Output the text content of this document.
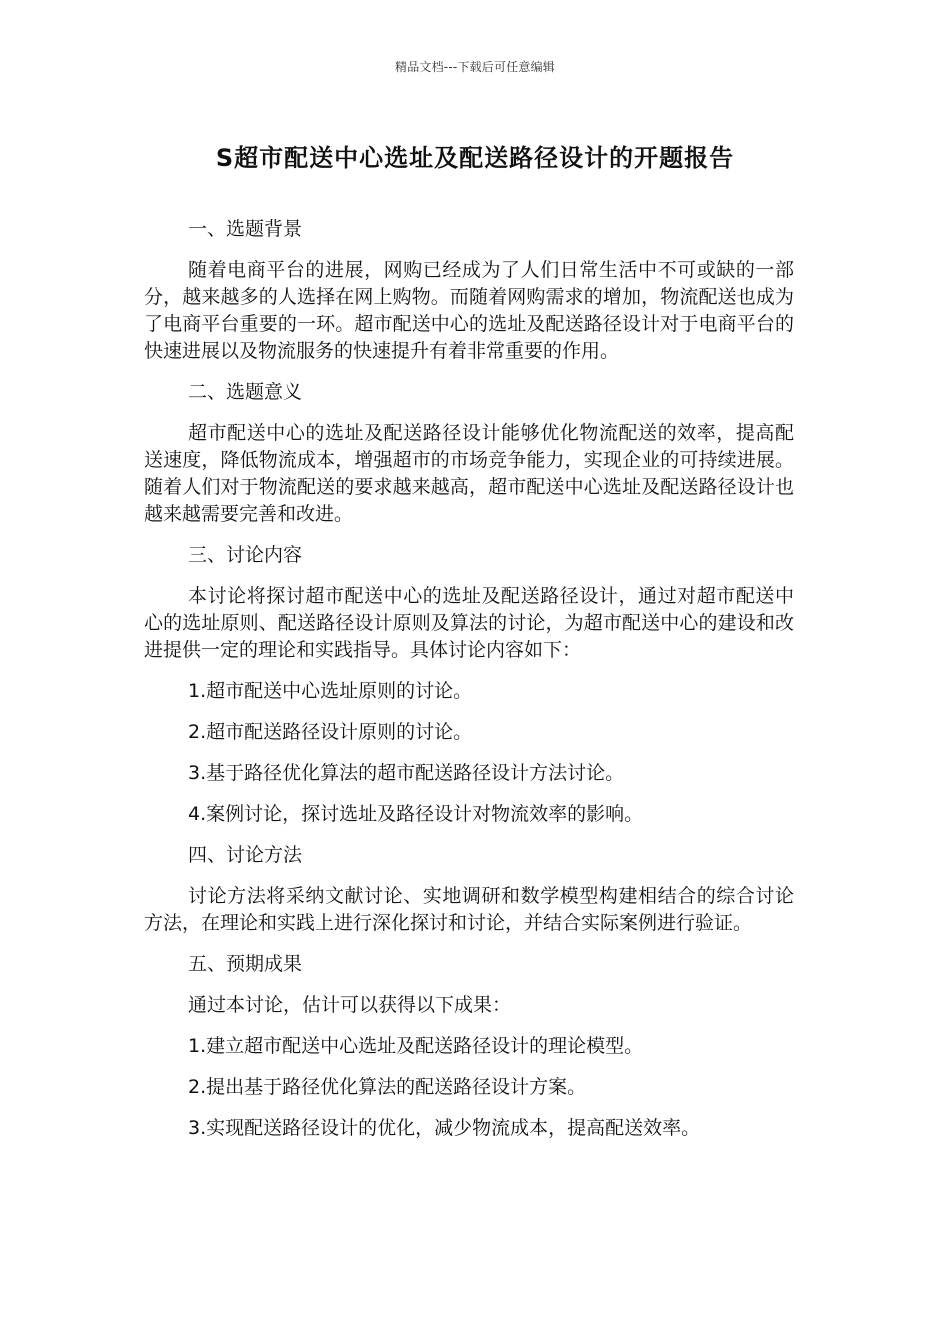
精品文档---下载后可任意编辑
S超市配送中心选址及配送路径设计的开题报告

一、选题背景

随着电商平台的进展，网购已经成为了人们日常生活中不可或缺的一部分，越来越多的人选择在网上购物。而随着网购需求的增加，物流配送也成为了电商平台重要的一环。超市配送中心的选址及配送路径设计对于电商平台的快速进展以及物流服务的快速提升有着非常重要的作用。

二、选题意义

超市配送中心的选址及配送路径设计能够优化物流配送的效率，提高配送速度，降低物流成本，增强超市的市场竞争能力，实现企业的可持续进展。随着人们对于物流配送的要求越来越高，超市配送中心选址及配送路径设计也越来越需要完善和改进。

三、讨论内容

本讨论将探讨超市配送中心的选址及配送路径设计，通过对超市配送中心的选址原则、配送路径设计原则及算法的讨论，为超市配送中心的建设和改进提供一定的理论和实践指导。具体讨论内容如下：

1.超市配送中心选址原则的讨论。

2.超市配送路径设计原则的讨论。

3.基于路径优化算法的超市配送路径设计方法讨论。

4.案例讨论，探讨选址及路径设计对物流效率的影响。

四、讨论方法

讨论方法将采纳文献讨论、实地调研和数学模型构建相结合的综合讨论方法，在理论和实践上进行深化探讨和讨论，并结合实际案例进行验证。

五、预期成果

通过本讨论，估计可以获得以下成果：

1.建立超市配送中心选址及配送路径设计的理论模型。

2.提出基于路径优化算法的配送路径设计方案。

3.实现配送路径设计的优化，减少物流成本，提高配送效率。
